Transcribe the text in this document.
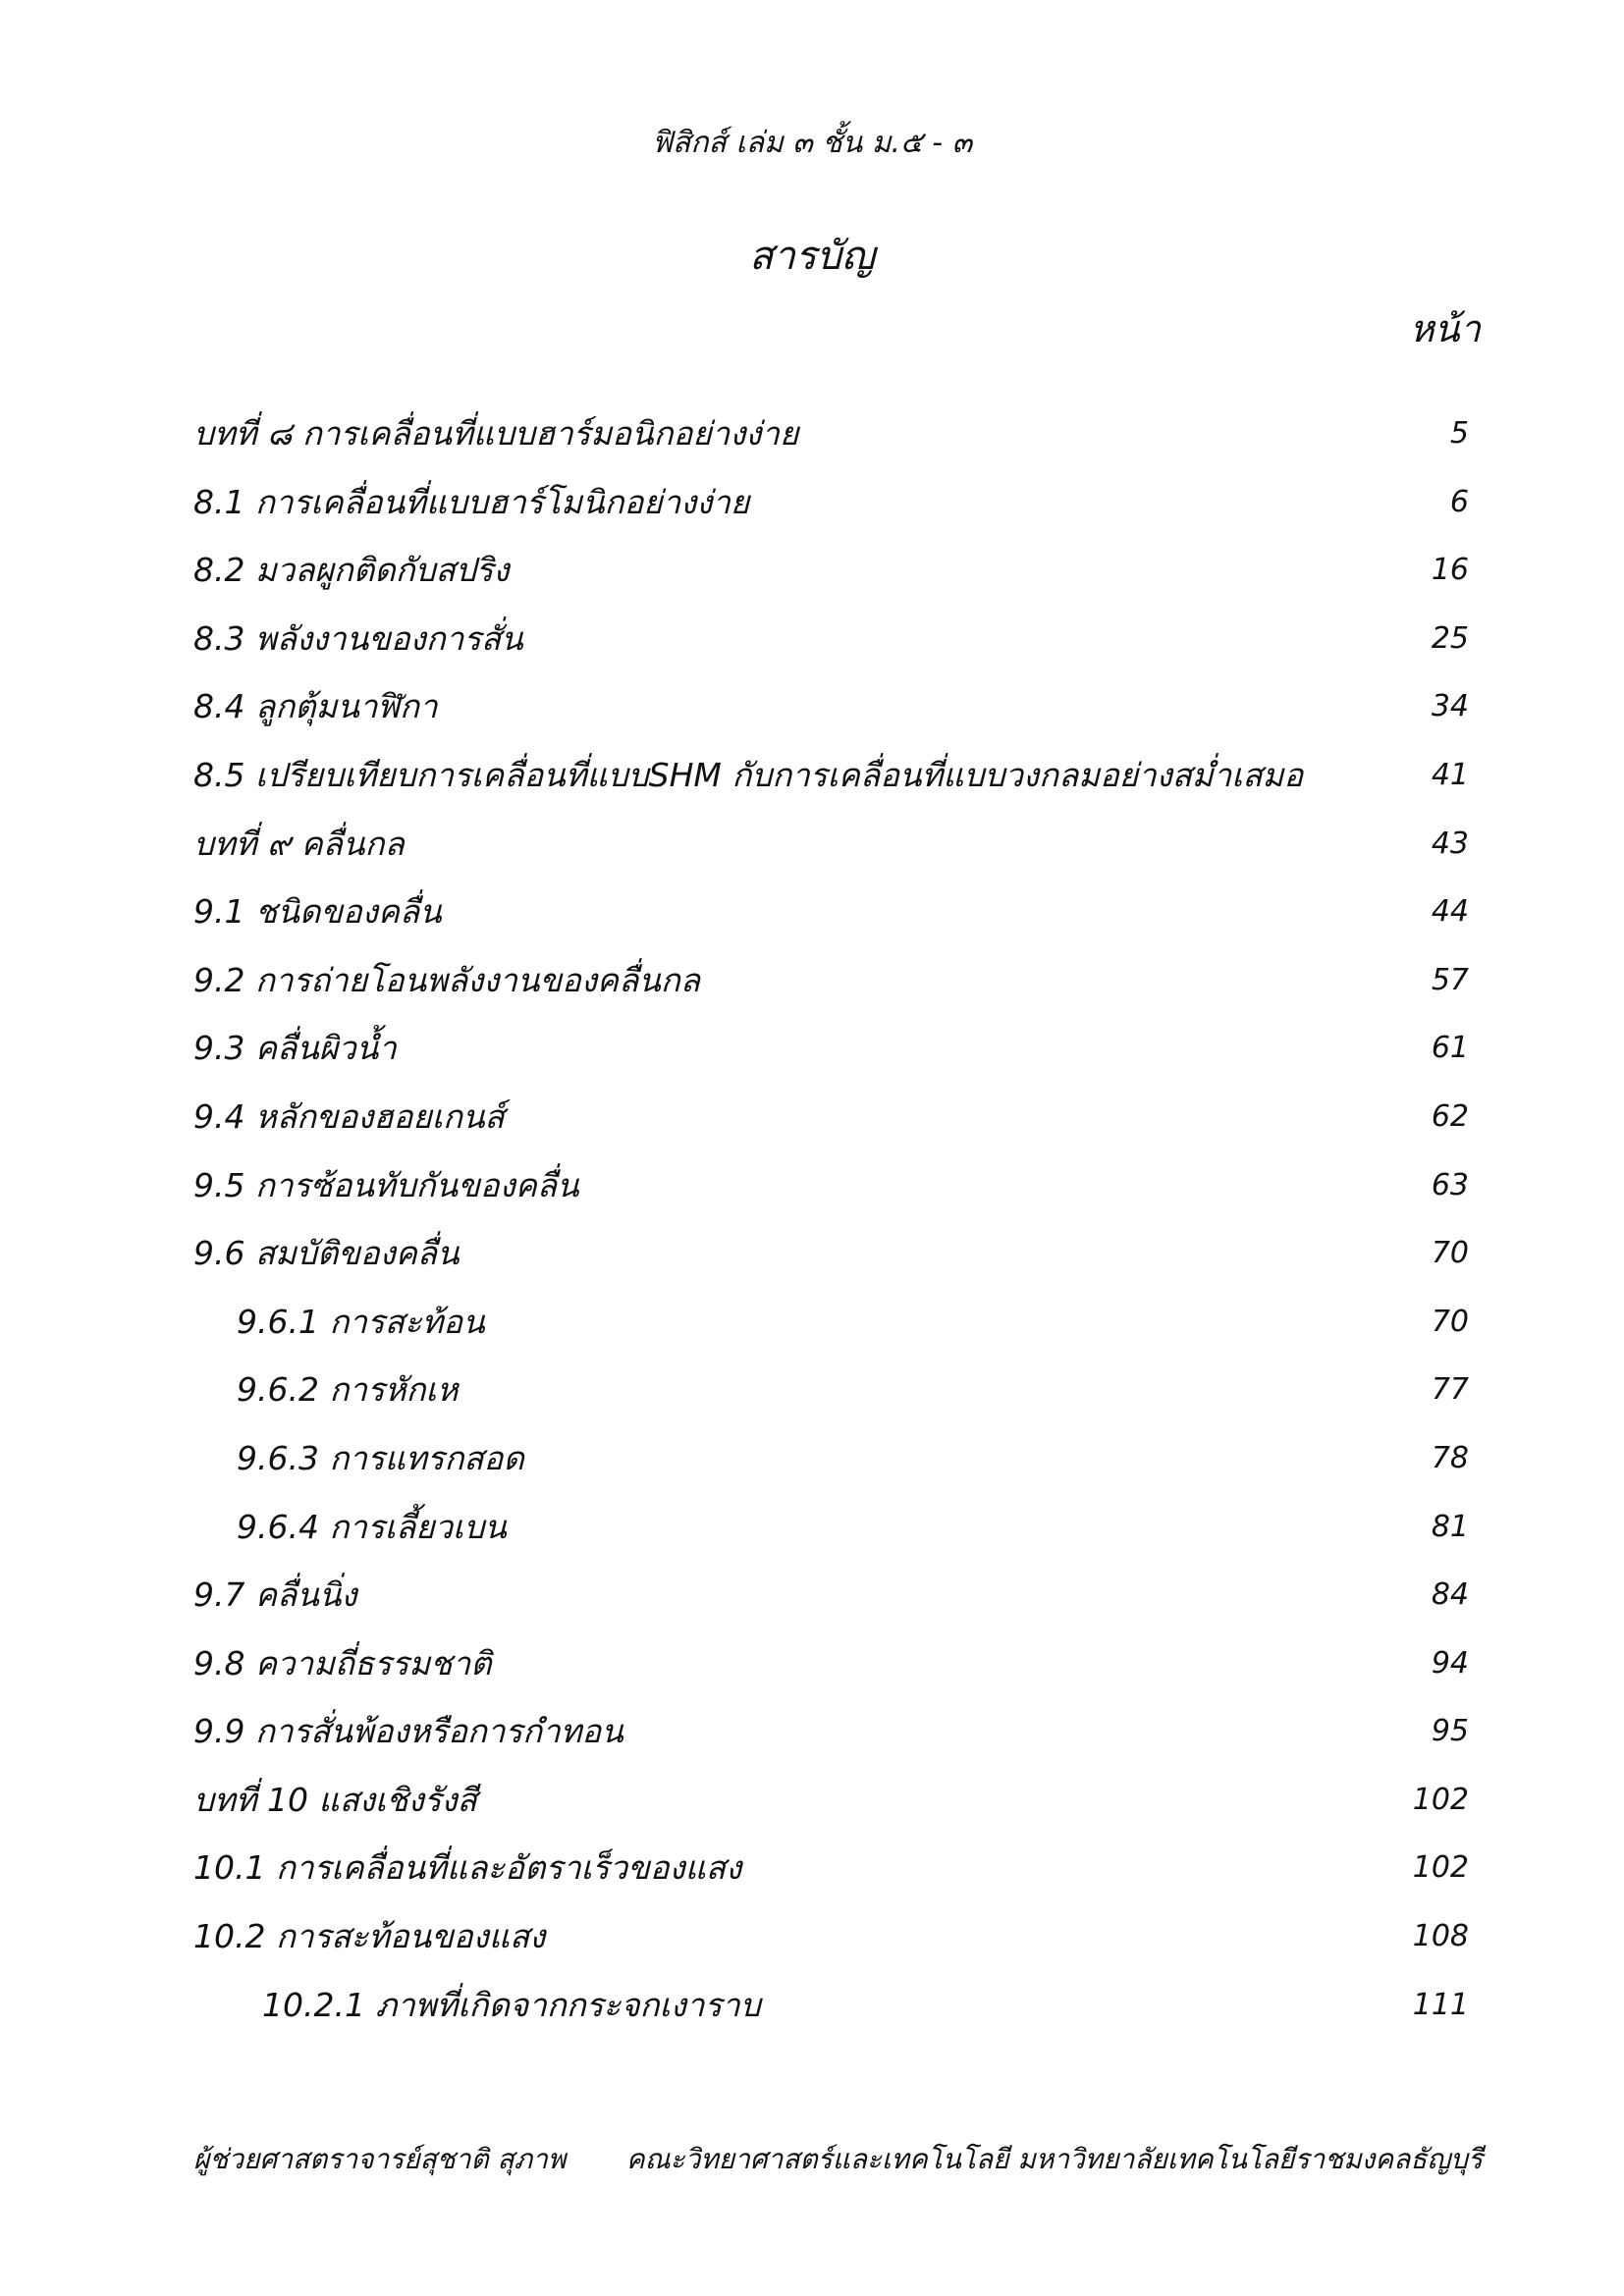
ฟิสิกส์ เล่ม ๓ ชั้น ม.๕ - ๓
สารบัญ
หน้า
บทที่ ๘ การเคลื่อนที่แบบฮาร์มอนิกอย่างง่าย	5
8.1 การเคลื่อนที่แบบฮาร์โมนิกอย่างง่าย	6
8.2 มวลผูกติดกับสปริง	16
8.3 พลังงานของการสั่น	25
8.4 ลูกตุ้มนาฬิกา	34
8.5 เปรียบเทียบการเคลื่อนที่แบบSHM กับการเคลื่อนที่แบบวงกลมอย่างสม่ำเสมอ	41
บทที่ ๙ คลื่นกล	43
9.1 ชนิดของคลื่น	44
9.2 การถ่ายโอนพลังงานของคลื่นกล	57
9.3 คลื่นผิวน้ำ	61
9.4 หลักของฮอยเกนส์	62
9.5 การซ้อนทับกันของคลื่น	63
9.6 สมบัติของคลื่น	70
9.6.1 การสะท้อน	70
9.6.2 การหักเห	77
9.6.3 การแทรกสอด	78
9.6.4 การเลี้ยวเบน	81
9.7 คลื่นนิ่ง	84
9.8 ความถี่ธรรมชาติ	94
9.9 การสั่นพ้องหรือการกำทอน	95
บทที่ 10 แสงเชิงรังสี	102
10.1 การเคลื่อนที่และอัตราเร็วของแสง	102
10.2 การสะท้อนของแสง	108
10.2.1 ภาพที่เกิดจากกระจกเงาราบ	111
ผู้ช่วยศาสตราจารย์สุชาติ สุภาพ คณะวิทยาศาสตร์และเทคโนโลยี มหาวิทยาลัยเทคโนโลยีราชมงคลธัญบุรี
